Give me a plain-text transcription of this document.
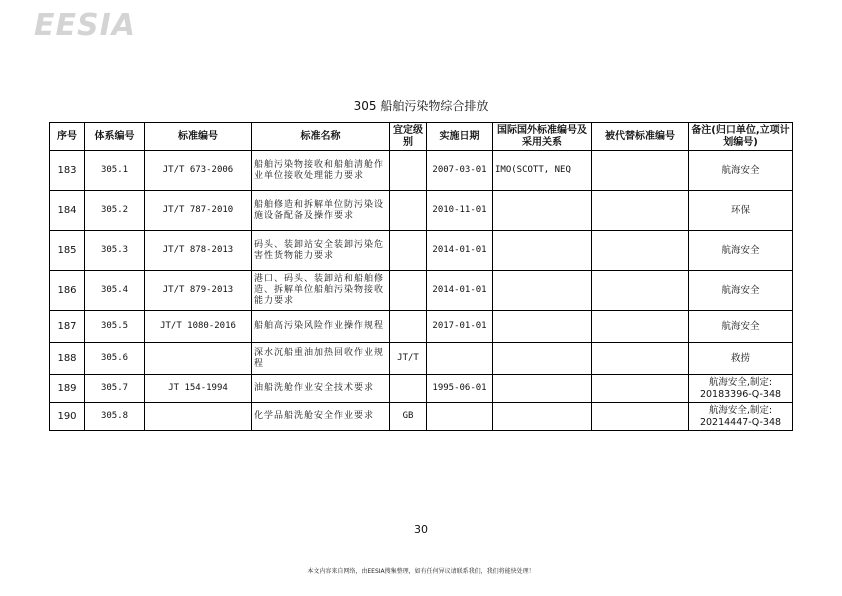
EESIA
305 船舶污染物综合排放
序号	体系编号	标准编号	标准名称	宜定级别	实施日期	国际国外标准编号及采用关系	被代替标准编号	备注(归口单位,立项计划编号)
183	305.1	JT/T 673-2006	船舶污染物接收和船舶清舱作业单位接收处理能力要求		2007-03-01	IMO(SCOTT, NEQ		航海安全
184	305.2	JT/T 787-2010	船舶修造和拆解单位防污染设施设备配备及操作要求		2010-11-01			环保
185	305.3	JT/T 878-2013	码头、装卸站安全装卸污染危害性货物能力要求		2014-01-01			航海安全
186	305.4	JT/T 879-2013	港口、码头、装卸站和船舶修造、拆解单位船舶污染物接收能力要求		2014-01-01			航海安全
187	305.5	JT/T 1080-2016	船舶高污染风险作业操作规程		2017-01-01			航海安全
188	305.6		深水沉船重油加热回收作业规程	JT/T				救捞
189	305.7	JT 154-1994	油船洗舱作业安全技术要求		1995-06-01			航海安全,制定: 20183396-Q-348
190	305.8		化学品船洗舱安全作业要求	GB				航海安全,制定: 20214447-Q-348
30
本文内容来自网络，由EESIA搜集整理，如有任何异议请联系我们，我们将能快处理！
